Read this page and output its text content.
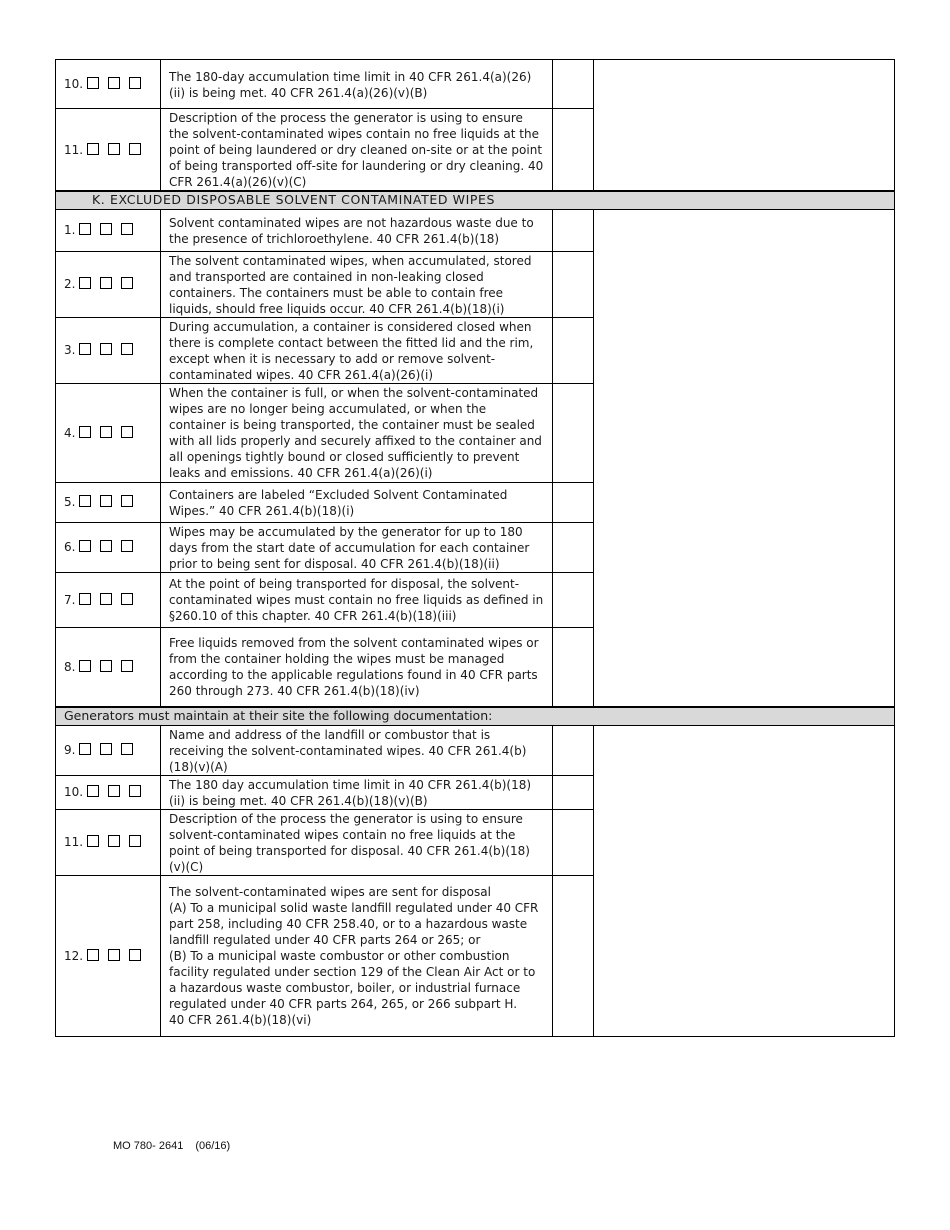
10.	The 180-day accumulation time limit in 40 CFR 261.4(a)(26)(ii) is being met. 40 CFR 261.4(a)(26)(v)(B)		
11.	Description of the process the generator is using to ensure the solvent-contaminated wipes contain no free liquids at the point of being laundered or dry cleaned on-site or at the point of being transported off-site for laundering or dry cleaning. 40 CFR 261.4(a)(26)(v)(C)		
K. EXCLUDED DISPOSABLE SOLVENT CONTAMINATED WIPES			
1.	Solvent contaminated wipes are not hazardous waste due to the presence of trichloroethylene. 40 CFR 261.4(b)(18)		
2.	The solvent contaminated wipes, when accumulated, stored and transported are contained in non-leaking closed containers. The containers must be able to contain free liquids, should free liquids occur. 40 CFR 261.4(b)(18)(i)		
3.	During accumulation, a container is considered closed when there is complete contact between the fitted lid and the rim, except when it is necessary to add or remove solvent-contaminated wipes. 40 CFR 261.4(a)(26)(i)		
4.	When the container is full, or when the solvent-contaminated wipes are no longer being accumulated, or when the container is being transported, the container must be sealed with all lids properly and securely affixed to the container and all openings tightly bound or closed sufficiently to prevent leaks and emissions. 40 CFR 261.4(a)(26)(i)		
5.	Containers are labeled “Excluded Solvent Contaminated Wipes.” 40 CFR 261.4(b)(18)(i)		
6.	Wipes may be accumulated by the generator for up to 180 days from the start date of accumulation for each container prior to being sent for disposal. 40 CFR 261.4(b)(18)(ii)		
7.	At the point of being transported for disposal, the solvent-contaminated wipes must contain no free liquids as defined in §260.10 of this chapter. 40 CFR 261.4(b)(18)(iii)		
8.	Free liquids removed from the solvent contaminated wipes or from the container holding the wipes must be managed according to the applicable regulations found in 40 CFR parts 260 through 273. 40 CFR 261.4(b)(18)(iv)		
Generators must maintain at their site the following documentation:			
9.	Name and address of the landfill or combustor that is receiving the solvent-contaminated wipes. 40 CFR 261.4(b)(18)(v)(A)		
10.	The 180 day accumulation time limit in 40 CFR 261.4(b)(18)(ii) is being met. 40 CFR 261.4(b)(18)(v)(B)		
11.	Description of the process the generator is using to ensure solvent-contaminated wipes contain no free liquids at the point of being transported for disposal. 40 CFR 261.4(b)(18)(v)(C)		
12.	The solvent-contaminated wipes are sent for disposal
(A) To a municipal solid waste landfill regulated under 40 CFR part 258, including 40 CFR 258.40, or to a hazardous waste landfill regulated under 40 CFR parts 264 or 265; or
(B) To a municipal waste combustor or other combustion facility regulated under section 129 of the Clean Air Act or to a hazardous waste combustor, boiler, or industrial furnace regulated under 40 CFR parts 264, 265, or 266 subpart H.
40 CFR 261.4(b)(18)(vi)		
MO 780- 2641 (06/16)
